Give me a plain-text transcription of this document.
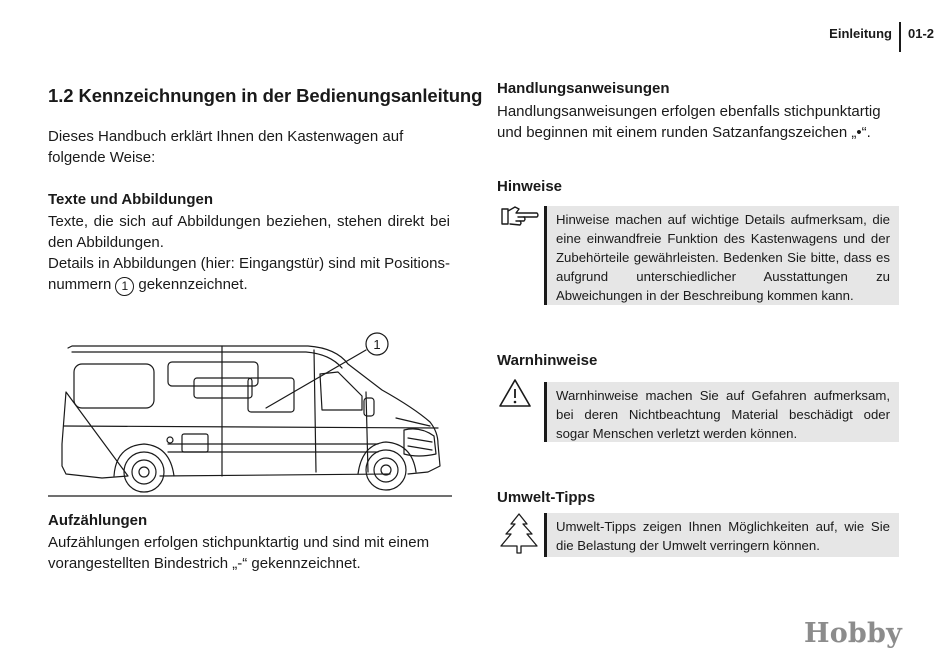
Einleitung 01-2
1.2 Kennzeichnungen in der Bedienungsanleitung
Dieses Handbuch erklärt Ihnen den Kastenwagen auf folgende Weise:
Texte und Abbildungen
Texte, die sich auf Abbildungen beziehen, stehen direkt bei den Abbildungen.
Details in Abbildungen (hier: Eingangstür) sind mit Positionsnummern 1 gekennzeichnet.
1
Aufzählungen
Aufzählungen erfolgen stichpunktartig und sind mit einem vorangestellten Bindestrich „-“ gekennzeichnet.
Handlungsanweisungen
Handlungsanweisungen erfolgen ebenfalls stichpunktartig und beginnen mit einem runden Satzanfangszeichen „•“.
Hinweise
Hinweise machen auf wichtige Details aufmerksam, die eine einwandfreie Funktion des Kastenwagens und der Zubehörteile gewährleisten. Bedenken Sie bitte, dass es aufgrund unterschiedlicher Ausstattungen zu Abweichungen in der Beschreibung kommen kann.
Warnhinweise
Warnhinweise machen Sie auf Gefahren aufmerksam, bei deren Nichtbeachtung Material beschädigt oder sogar Menschen verletzt werden können.
Umwelt-Tipps
Umwelt-Tipps zeigen Ihnen Möglichkeiten auf, wie Sie die Belastung der Umwelt verringern können.
Hobby
